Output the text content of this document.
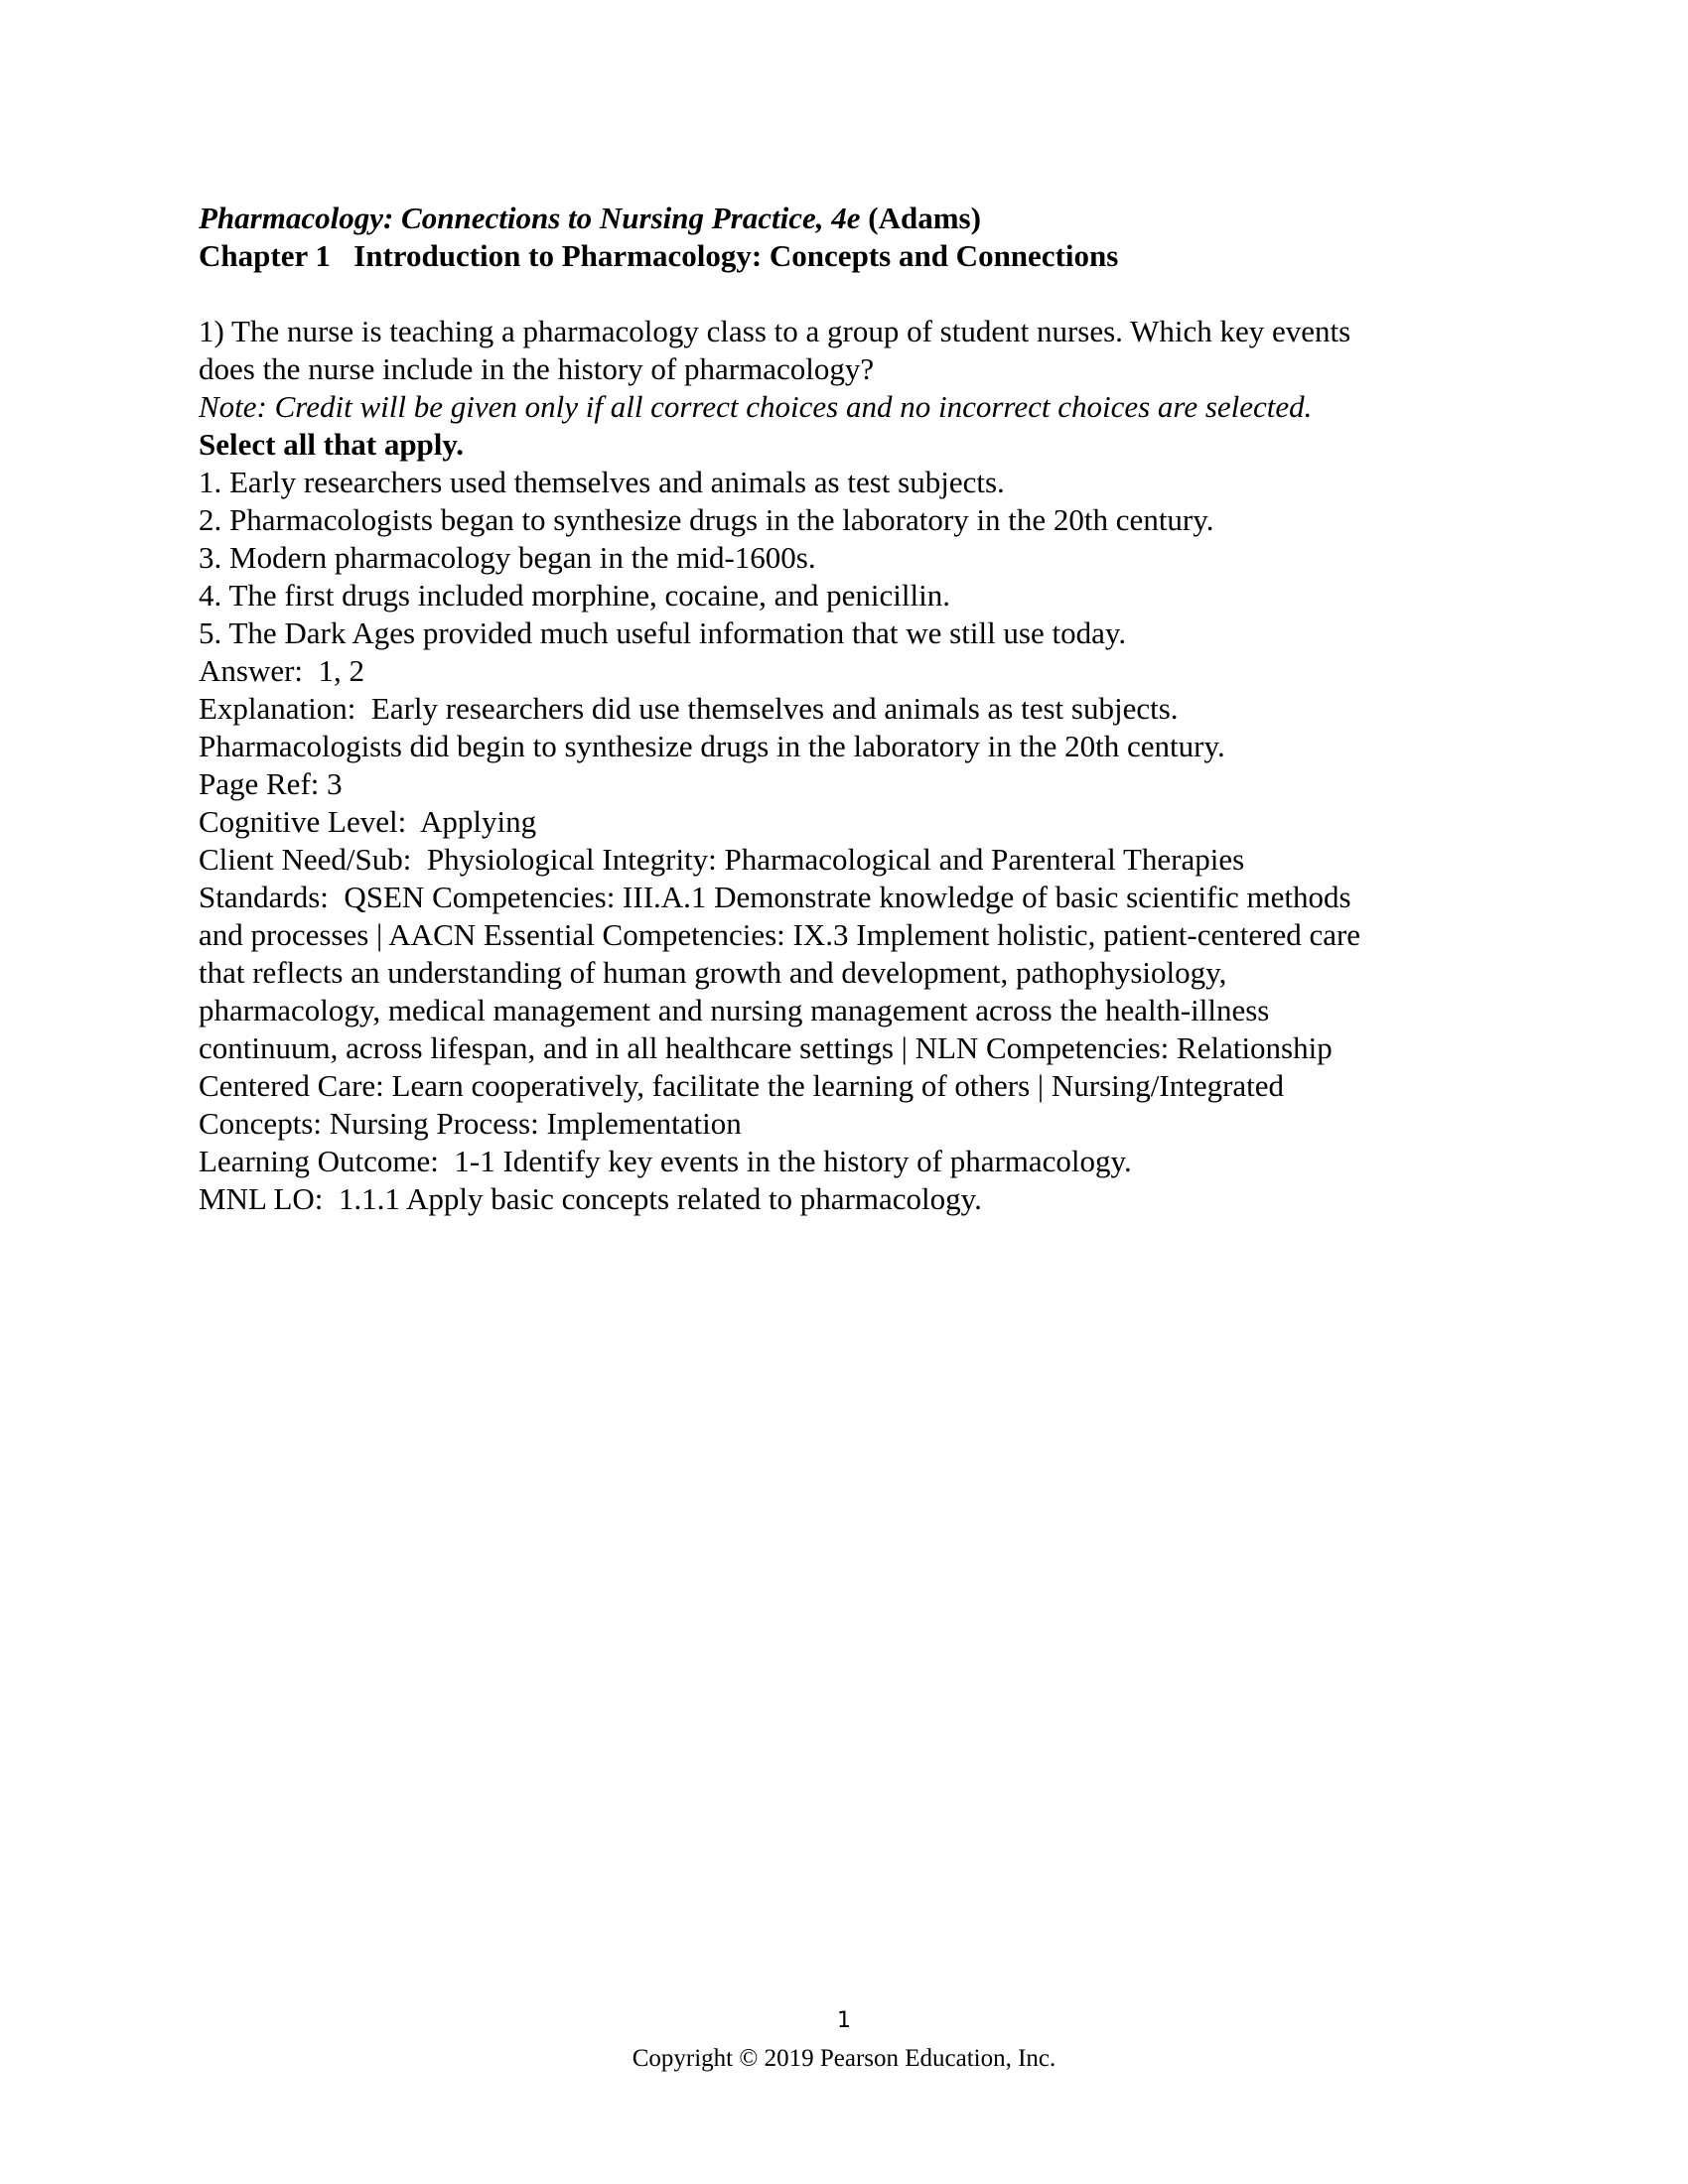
Pharmacology: Connections to Nursing Practice, 4e (Adams)
Chapter 1   Introduction to Pharmacology: Concepts and Connections
1) The nurse is teaching a pharmacology class to a group of student nurses. Which key events
does the nurse include in the history of pharmacology?
Note: Credit will be given only if all correct choices and no incorrect choices are selected.
Select all that apply.
1. Early researchers used themselves and animals as test subjects.
2. Pharmacologists began to synthesize drugs in the laboratory in the 20th century.
3. Modern pharmacology began in the mid-1600s.
4. The first drugs included morphine, cocaine, and penicillin.
5. The Dark Ages provided much useful information that we still use today.
Answer:  1, 2
Explanation:  Early researchers did use themselves and animals as test subjects.
Pharmacologists did begin to synthesize drugs in the laboratory in the 20th century.
Page Ref: 3
Cognitive Level:  Applying
Client Need/Sub:  Physiological Integrity: Pharmacological and Parenteral Therapies
Standards:  QSEN Competencies: III.A.1 Demonstrate knowledge of basic scientific methods
and processes | AACN Essential Competencies: IX.3 Implement holistic, patient-centered care
that reflects an understanding of human growth and development, pathophysiology,
pharmacology, medical management and nursing management across the health-illness
continuum, across lifespan, and in all healthcare settings | NLN Competencies: Relationship
Centered Care: Learn cooperatively, facilitate the learning of others | Nursing/Integrated
Concepts: Nursing Process: Implementation
Learning Outcome:  1-1 Identify key events in the history of pharmacology.
MNL LO:  1.1.1 Apply basic concepts related to pharmacology.
1
Copyright © 2019 Pearson Education, Inc.
